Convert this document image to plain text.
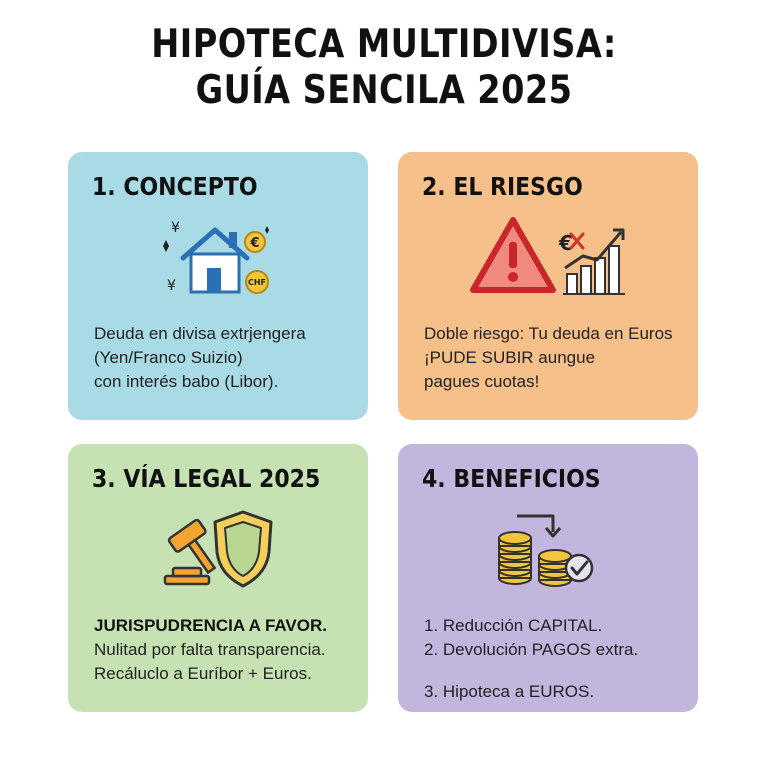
HIPOTECA MULTIDIVISA:
GUÍA SENCILA 2025
1. CONCEPTO
¥
¥
€
CHF

Deuda en divisa extrjengera

(Yen/Franco Suizio)

con interés babo (Libor).

2. EL RIESGO
€

Doble riesgo: Tu deuda en Euros

¡PUDE SUBIR aungue

pagues cuotas!

3. VÍA LEGAL 2025

JURISPUDRENCIA A FAVOR.

Nulitad por falta transparencia.

Recáluclo a Euríbor + Euros.

4. BENEFICIOS

1. Reducción CAPITAL.

2. Devolución PAGOS extra.

3. Hipoteca a EUROS.
